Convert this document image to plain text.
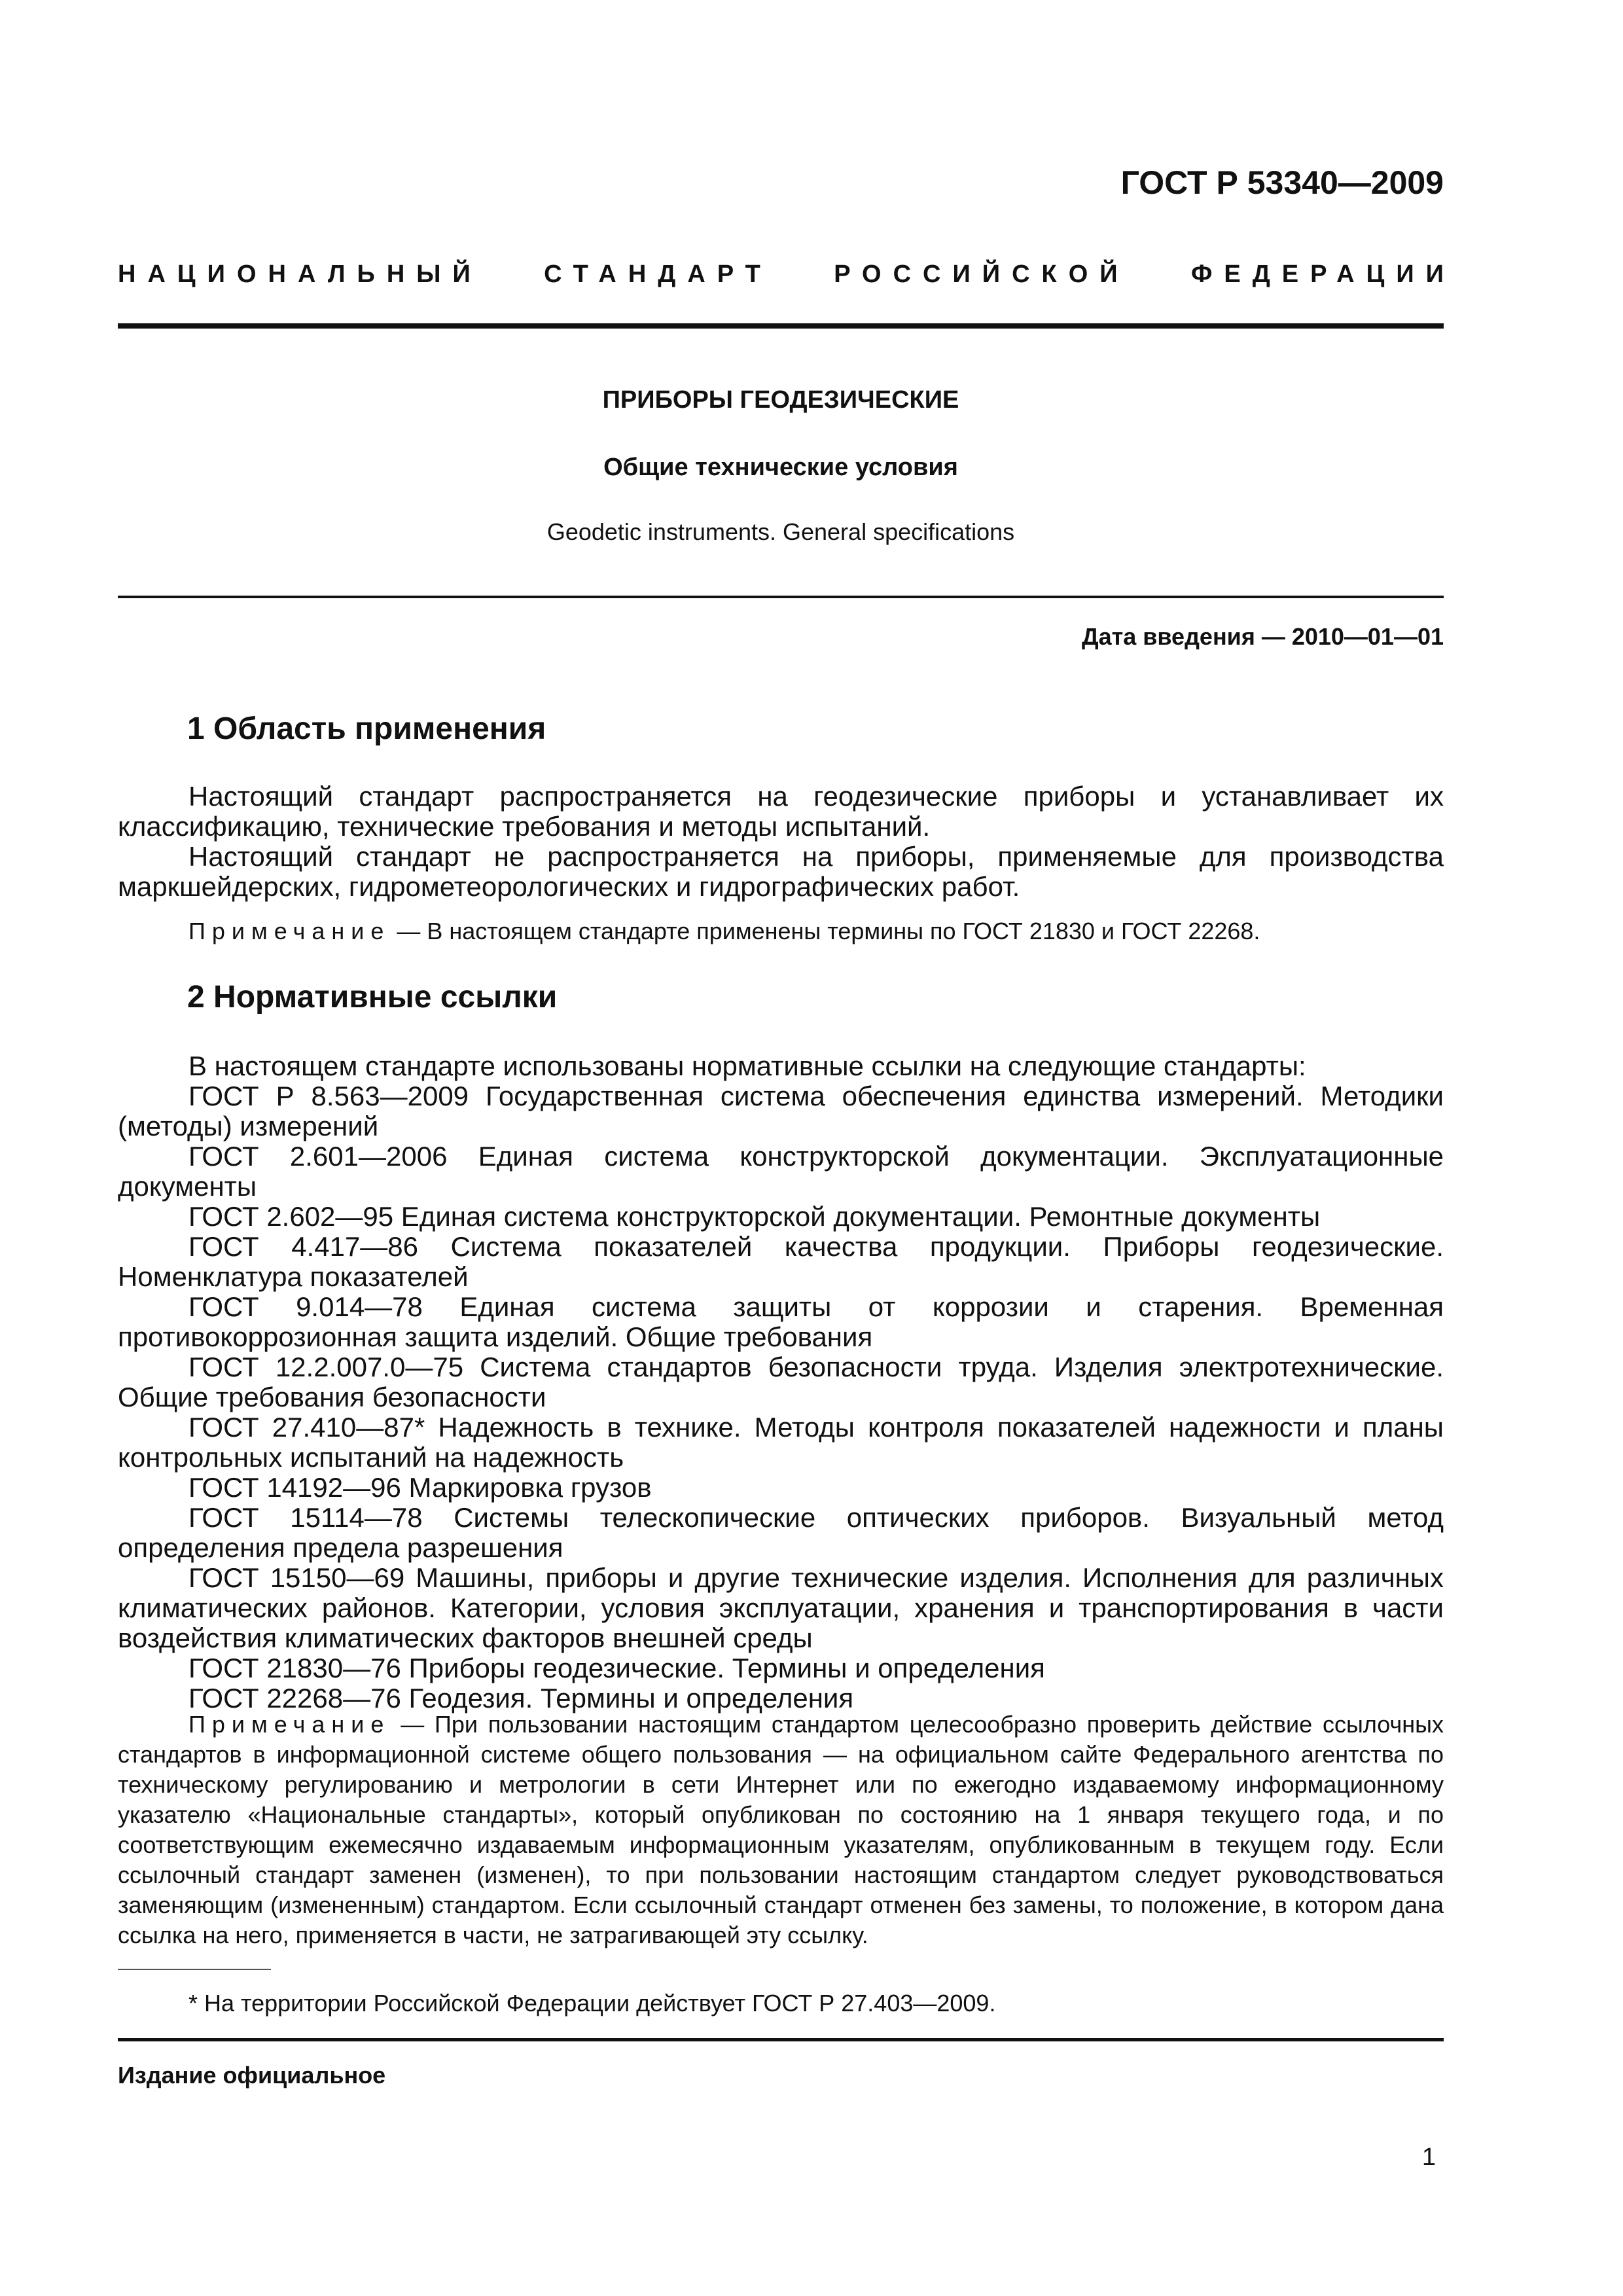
ГОСТ Р 53340—2009
НАЦИОНАЛЬНЫЙ СТАНДАРТ РОССИЙСКОЙ ФЕДЕРАЦИИ
ПРИБОРЫ ГЕОДЕЗИЧЕСКИЕ
Общие технические условия

Geodetic instruments. General specifications

Дата введения — 2010—01—01
1 Область применения

Настоящий стандарт распространяется на геодезические приборы и устанавливает их классификацию, технические требования и методы испытаний.

Настоящий стандарт не распространяется на приборы, применяемые для производства маркшейдерских, гидрометеорологических и гидрографических работ.

Примечание — В настоящем стандарте применены термины по ГОСТ 21830 и ГОСТ 22268.

2 Нормативные ссылки

В настоящем стандарте использованы нормативные ссылки на следующие стандарты:

ГОСТ Р 8.563—2009 Государственная система обеспечения единства измерений. Методики (методы) измерений

ГОСТ 2.601—2006 Единая система конструкторской документации. Эксплуатационные документы

ГОСТ 2.602—95 Единая система конструкторской документации. Ремонтные документы

ГОСТ 4.417—86 Система показателей качества продукции. Приборы геодезические. Номенклатура показателей

ГОСТ 9.014—78 Единая система защиты от коррозии и старения. Временная противокоррозионная защита изделий. Общие требования

ГОСТ 12.2.007.0—75 Система стандартов безопасности труда. Изделия электротехнические. Общие требования безопасности

ГОСТ 27.410—87* Надежность в технике. Методы контроля показателей надежности и планы контрольных испытаний на надежность

ГОСТ 14192—96 Маркировка грузов

ГОСТ 15114—78 Системы телескопические оптических приборов. Визуальный метод определения предела разрешения

ГОСТ 15150—69 Машины, приборы и другие технические изделия. Исполнения для различных климатических районов. Категории, условия эксплуатации, хранения и транспортирования в части воздействия климатических факторов внешней среды

ГОСТ 21830—76 Приборы геодезические. Термины и определения

ГОСТ 22268—76 Геодезия. Термины и определения

Примечание — При пользовании настоящим стандартом целесообразно проверить действие ссылочных стандартов в информационной системе общего пользования — на официальном сайте Федерального агентства по техническому регулированию и метрологии в сети Интернет или по ежегодно издаваемому информационному указателю «Национальные стандарты», который опубликован по состоянию на 1 января текущего года, и по соответствующим ежемесячно издаваемым информационным указателям, опубликованным в текущем году. Если ссылочный стандарт заменен (изменен), то при пользовании настоящим стандартом следует руководствоваться заменяющим (измененным) стандартом. Если ссылочный стандарт отменен без замены, то положение, в котором дана ссылка на него, применяется в части, не затрагивающей эту ссылку.

* На территории Российской Федерации действует ГОСТ Р 27.403—2009.
Издание официальное
1
